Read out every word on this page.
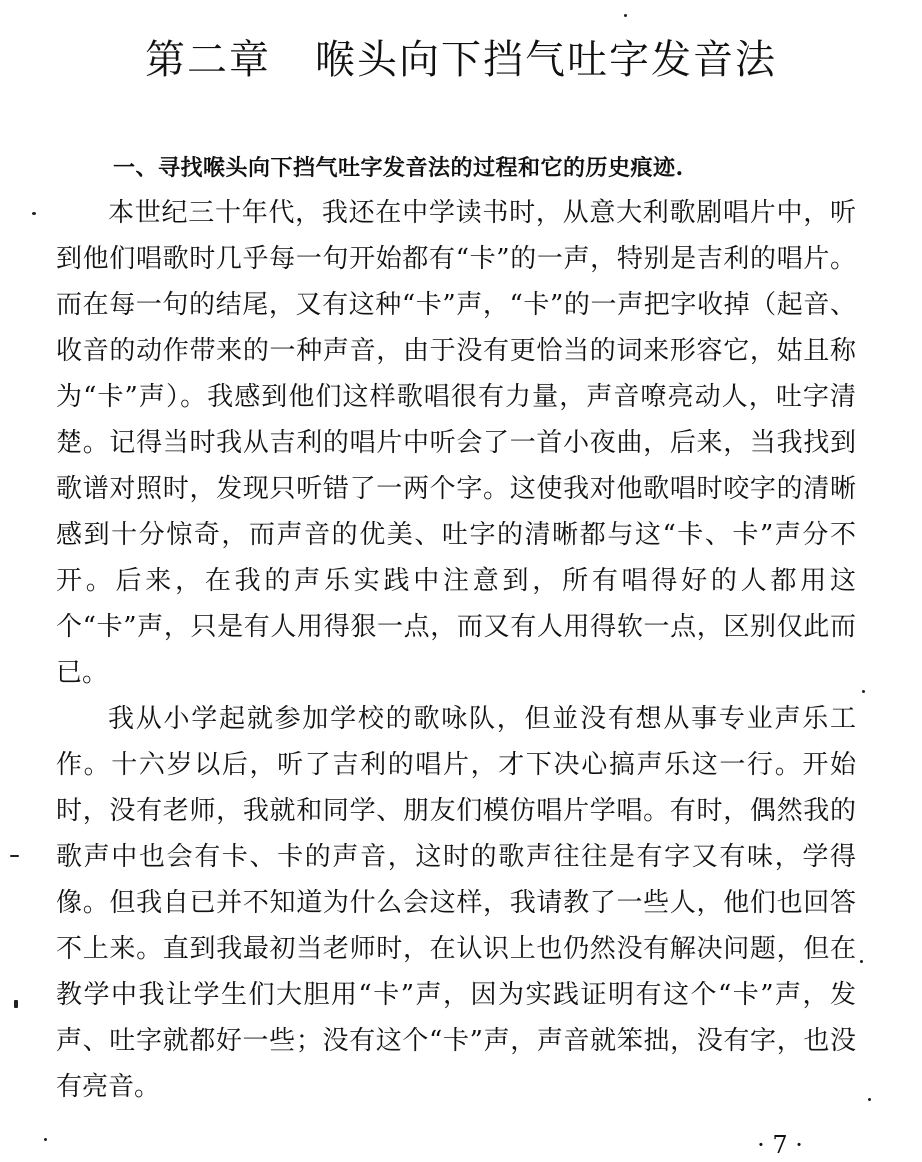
第二章 喉头向下挡气吐字发音法
一、寻找喉头向下挡气吐字发音法的过程和它的历史痕迹.

本世纪三十年代，我还在中学读书时，从意大利歌剧唱片中，听到他们唱歌时几乎每一句开始都有“卡”的一声，特别是吉利的唱片。而在每一句的结尾，又有这种“卡”声，“卡”的一声把字收掉（起音、收音的动作带来的一种声音，由于没有更恰当的词来形容它，姑且称为“卡”声）。我感到他们这样歌唱很有力量，声音嘹亮动人，吐字清楚。记得当时我从吉利的唱片中听会了一首小夜曲，后来，当我找到歌谱对照时，发现只听错了一两个字。这使我对他歌唱时咬字的清晰感到十分惊奇，而声音的优美、吐字的清晰都与这“卡、卡”声分不开。后来，在我的声乐实践中注意到，所有唱得好的人都用这个“卡”声，只是有人用得狠一点，而又有人用得软一点，区别仅此而已。

我从小学起就参加学校的歌咏队，但並没有想从事专业声乐工作。十六岁以后，听了吉利的唱片，才下决心搞声乐这一行。开始时，没有老师，我就和同学、朋友们模仿唱片学唱。有时，偶然我的歌声中也会有卡、卡的声音，这时的歌声往往是有字又有味，学得像。但我自已并不知道为什么会这样，我请教了一些人，他们也回答不上来。直到我最初当老师时，在认识上也仍然没有解决问题，但在教学中我让学生们大胆用“卡”声，因为实践证明有这个“卡”声，发声、吐字就都好一些；没有这个“卡”声，声音就笨拙，没有字，也没有亮音。

· 7 ·
